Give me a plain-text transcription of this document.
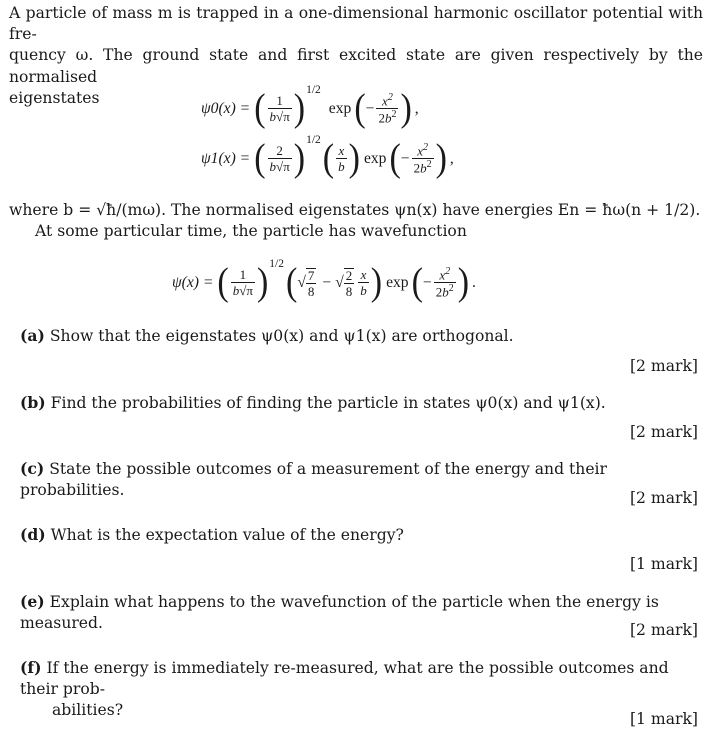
A particle of mass m is trapped in a one-dimensional harmonic oscillator potential with fre-
quency ω. The ground state and first excited state are given respectively by the normalised
eigenstates
ψ0(x) = ( $\frac{1}{b√\pi}$ ) 1/2
exp ( − $\frac{x^2}{2b^2}$ ) ,
ψ1(x) = ( $\frac{2}{b√\pi}$ ) 1/2 ( $\frac{x}{b}$ ) exp ( − $\frac{x^2}{2b^2}$ ) ,
where b = √ħ/(mω). The normalised eigenstates ψn(x) have energies En = ħω(n + 1/2).
At some particular time, the particle has wavefunction
ψ(x) = ( $\frac{1}{b√\pi}$ ) 1/2 ( √ $\frac{7}{8}$ − √ $\frac{2}{8} \frac{x}{b}$ ) exp ( − $\frac{x^2}{2b^2}$ ) .
(a) Show that the eigenstates ψ0(x) and ψ1(x) are orthogonal.
[2 mark]
(b) Find the probabilities of finding the particle in states ψ0(x) and ψ1(x).
[2 mark]
(c) State the possible outcomes of a measurement of the energy and their probabilities.	[2 mark]
(d) What is the expectation value of the energy?
[1 mark]
(e) Explain what happens to the wavefunction of the particle when the energy is measured.	[2 mark]
(f) If the energy is immediately re-measured, what are the possible outcomes and their prob-
abilities?	[1 mark]
